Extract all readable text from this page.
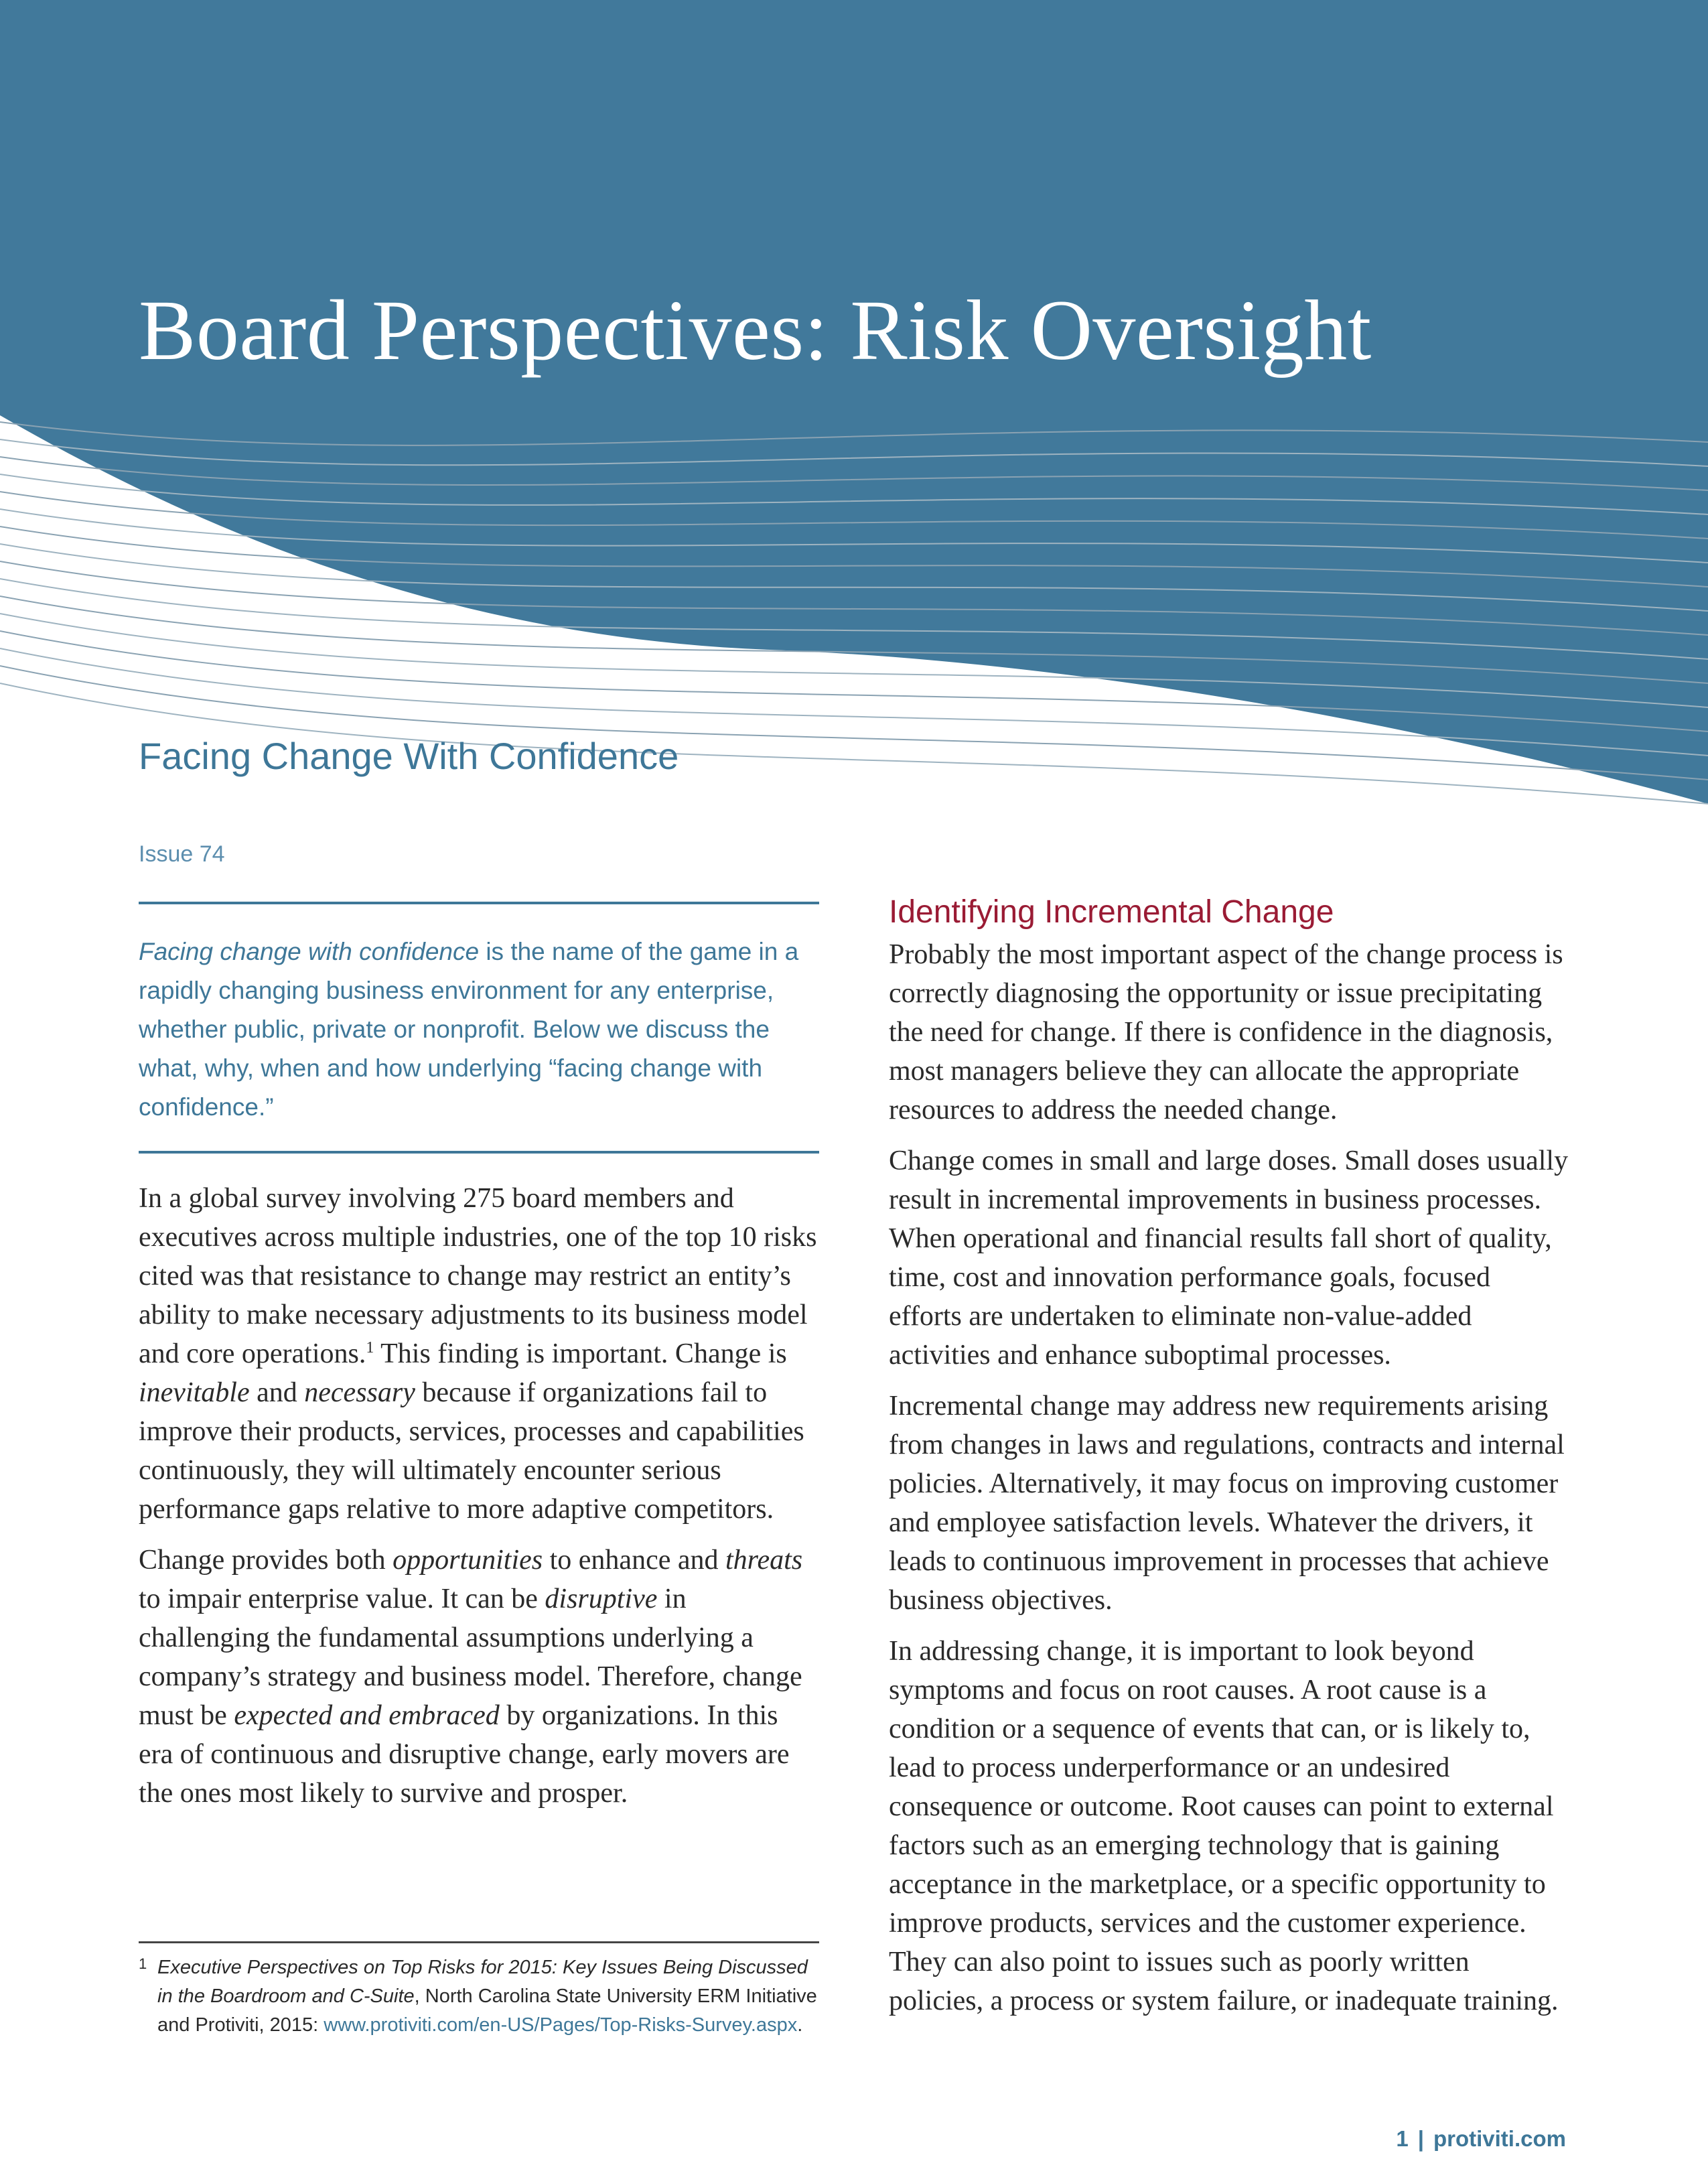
Board Perspectives: Risk Oversight
Facing Change With Confidence
Issue 74
Facing change with confidence is the name of the game in a rapidly changing business environment for any enterprise, whether public, private or nonprofit. Below we discuss the what, why, when and how underlying “facing change with confidence.”

In a global survey involving 275 board members and executives across multiple industries, one of the top 10 risks cited was that resistance to change may restrict an entity’s ability to make necessary adjustments to its business model and core operations.$^1$ This finding is important. Change is inevitable and necessary because if organizations fail to improve their products, services, processes and capabilities continuously, they will ultimately encounter serious performance gaps relative to more adaptive competitors.

Change provides both opportunities to enhance and threats to impair enterprise value. It can be disruptive in challenging the fundamental assumptions underlying a company’s strategy and business model. Therefore, change must be expected and embraced by organizations. In this era of continuous and disruptive change, early movers are the ones most likely to survive and prosper.

1 Executive Perspectives on Top Risks for 2015: Key Issues Being Discussed in the Boardroom and C-Suite, North Carolina State University ERM Initiative and Protiviti, 2015: www.protiviti.com/en-US/Pages/Top-Risks-Survey.aspx.
Identifying Incremental Change

Probably the most important aspect of the change process is correctly diagnosing the opportunity or issue precipitating the need for change. If there is confidence in the diagnosis, most managers believe they can allocate the appropriate resources to address the needed change.

Change comes in small and large doses. Small doses usually result in incremental improvements in business processes. When operational and financial results fall short of quality, time, cost and innovation performance goals, focused efforts are undertaken to eliminate non-value-added activities and enhance suboptimal processes.

Incremental change may address new requirements arising from changes in laws and regulations, contracts and internal policies. Alternatively, it may focus on improving customer and employee satisfaction levels. Whatever the drivers, it leads to continuous improvement in processes that achieve business objectives.

In addressing change, it is important to look beyond symptoms and focus on root causes. A root cause is a condition or a sequence of events that can, or is likely to, lead to process underperformance or an undesired consequence or outcome. Root causes can point to external factors such as an emerging technology that is gaining acceptance in the marketplace, or a specific opportunity to improve products, services and the customer experience. They can also point to issues such as poorly written policies, a process or system failure, or inadequate training.

1 | protiviti.com
